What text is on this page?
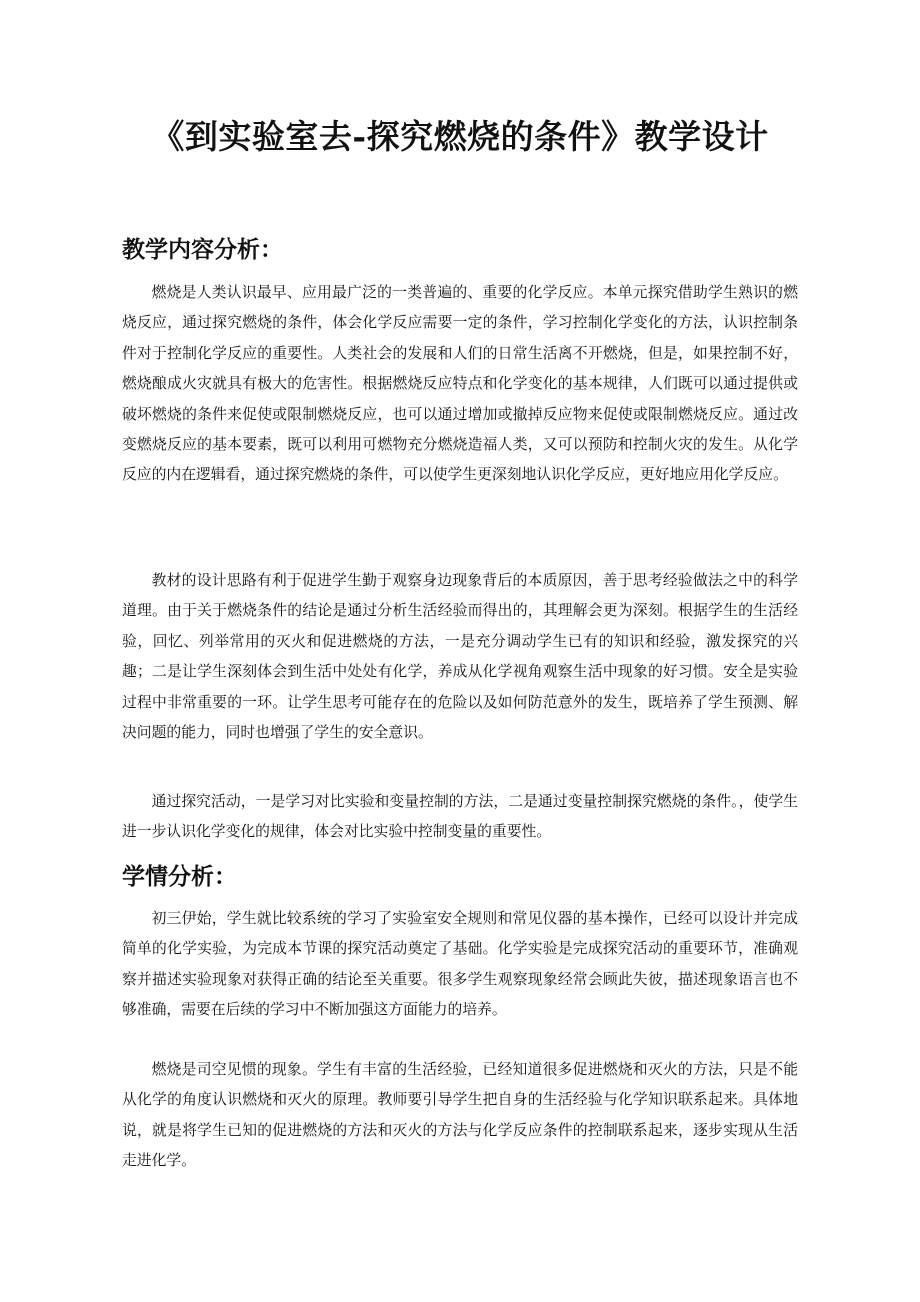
《到实验室去-探究燃烧的条件》教学设计
教学内容分析：

燃烧是人类认识最早、应用最广泛的一类普遍的、重要的化学反应。本单元探究借助学生熟识的燃烧反应，通过探究燃烧的条件，体会化学反应需要一定的条件，学习控制化学变化的方法，认识控制条件对于控制化学反应的重要性。人类社会的发展和人们的日常生活离不开燃烧，但是，如果控制不好，燃烧酿成火灾就具有极大的危害性。根据燃烧反应特点和化学变化的基本规律，人们既可以通过提供或破坏燃烧的条件来促使或限制燃烧反应，也可以通过增加或撤掉反应物来促使或限制燃烧反应。通过改变燃烧反应的基本要素，既可以利用可燃物充分燃烧造福人类，又可以预防和控制火灾的发生。从化学反应的内在逻辑看，通过探究燃烧的条件，可以使学生更深刻地认识化学反应，更好地应用化学反应。

教材的设计思路有利于促进学生勤于观察身边现象背后的本质原因，善于思考经验做法之中的科学道理。由于关于燃烧条件的结论是通过分析生活经验而得出的，其理解会更为深刻。根据学生的生活经验，回忆、列举常用的灭火和促进燃烧的方法，一是充分调动学生已有的知识和经验，激发探究的兴趣；二是让学生深刻体会到生活中处处有化学，养成从化学视角观察生活中现象的好习惯。安全是实验过程中非常重要的一环。让学生思考可能存在的危险以及如何防范意外的发生，既培养了学生预测、解决问题的能力，同时也增强了学生的安全意识。

通过探究活动，一是学习对比实验和变量控制的方法，二是通过变量控制探究燃烧的条件。，使学生进一步认识化学变化的规律，体会对比实验中控制变量的重要性。

学情分析：

初三伊始，学生就比较系统的学习了实验室安全规则和常见仪器的基本操作，已经可以设计并完成简单的化学实验，为完成本节课的探究活动奠定了基础。化学实验是完成探究活动的重要环节，准确观察并描述实验现象对获得正确的结论至关重要。很多学生观察现象经常会顾此失彼，描述现象语言也不够准确，需要在后续的学习中不断加强这方面能力的培养。

燃烧是司空见惯的现象。学生有丰富的生活经验，已经知道很多促进燃烧和灭火的方法，只是不能从化学的角度认识燃烧和灭火的原理。教师要引导学生把自身的生活经验与化学知识联系起来。具体地说，就是将学生已知的促进燃烧的方法和灭火的方法与化学反应条件的控制联系起来，逐步实现从生活走进化学。
